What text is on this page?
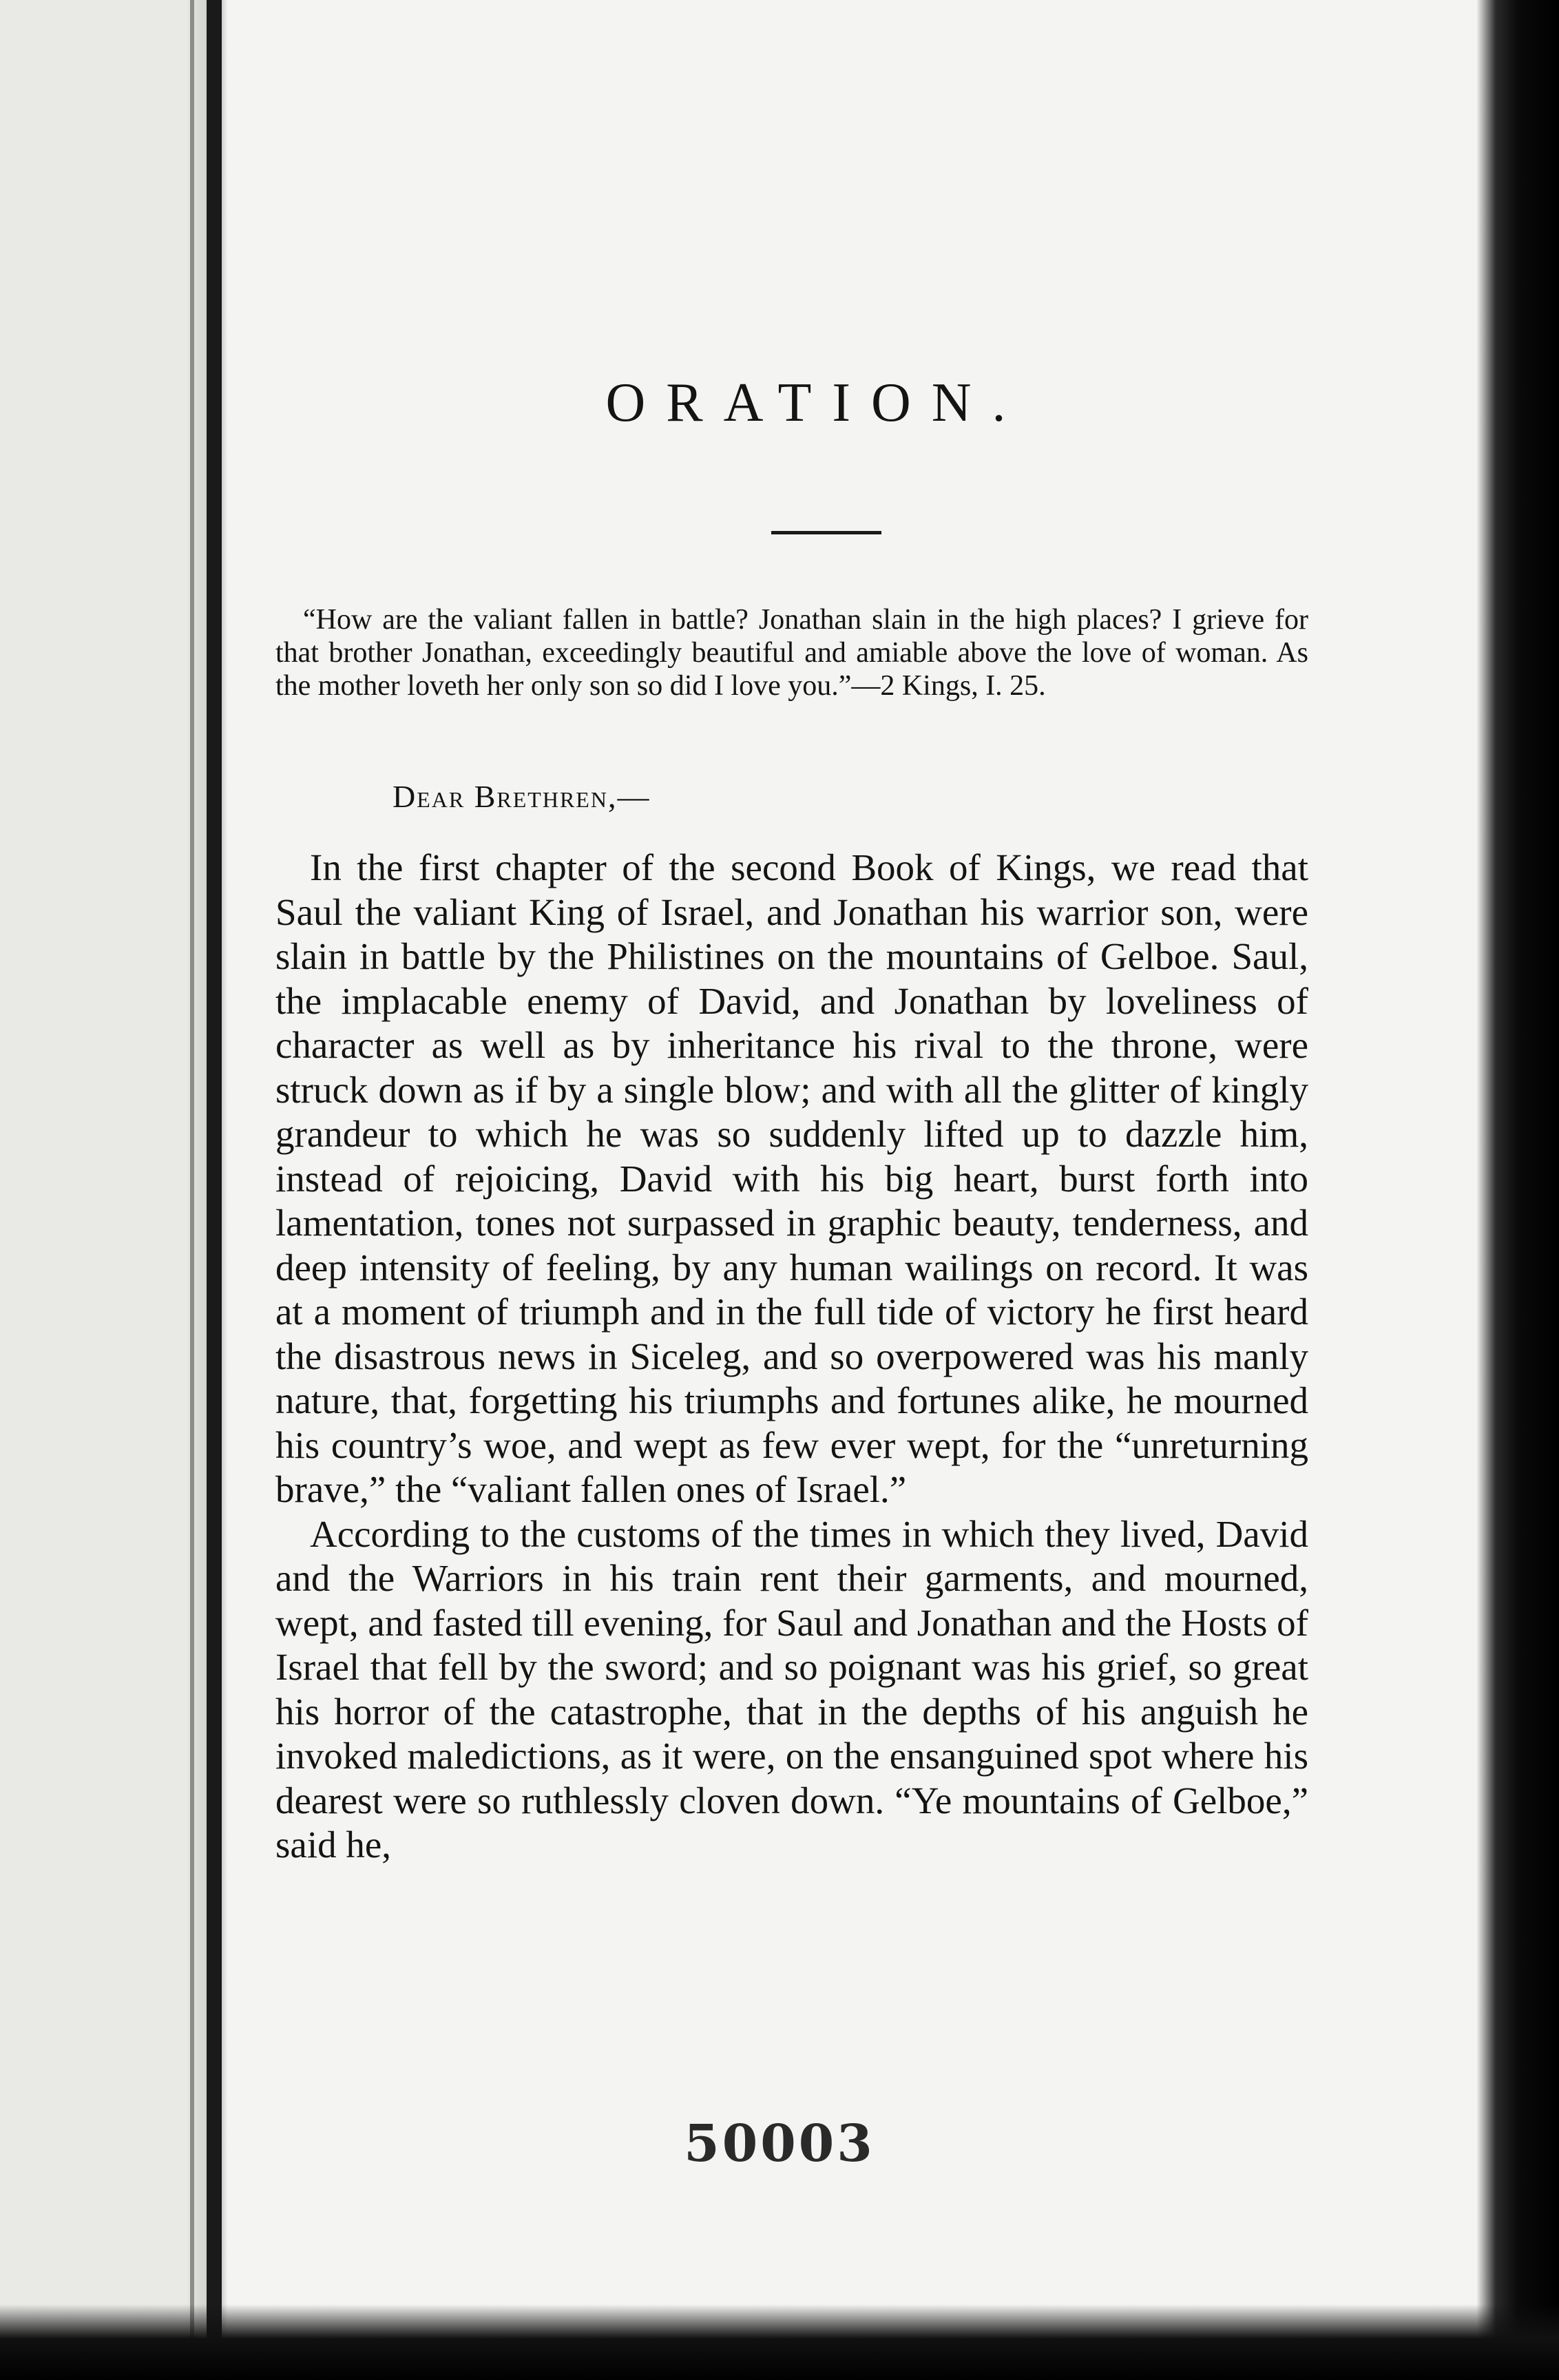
ORATION.

“How are the valiant fallen in battle? Jonathan slain in the high places? I grieve for that brother Jonathan, exceedingly beautiful and amiable above the love of woman. As the mother loveth her only son so did I love you.”—2 Kings, I. 25.

Dear Brethren,—

In the first chapter of the second Book of Kings, we read that Saul the valiant King of Israel, and Jonathan his warrior son, were slain in battle by the Philistines on the mountains of Gelboe. Saul, the implacable enemy of David, and Jonathan by loveliness of character as well as by inheritance his rival to the throne, were struck down as if by a single blow; and with all the glitter of kingly grandeur to which he was so suddenly lifted up to dazzle him, instead of rejoicing, David with his big heart, burst forth into lamentation, tones not surpassed in graphic beauty, tenderness, and deep intensity of feeling, by any human wailings on record. It was at a moment of triumph and in the full tide of victory he first heard the disastrous news in Siceleg, and so overpowered was his manly nature, that, forgetting his triumphs and fortunes alike, he mourned his country’s woe, and wept as few ever wept, for the “unreturning brave,” the “valiant fallen ones of Israel.”

According to the customs of the times in which they lived, David and the Warriors in his train rent their garments, and mourned, wept, and fasted till evening, for Saul and Jonathan and the Hosts of Israel that fell by the sword; and so poignant was his grief, so great his horror of the catastrophe, that in the depths of his anguish he invoked maledictions, as it were, on the ensanguined spot where his dearest were so ruthlessly cloven down. “Ye mountains of Gelboe,” said he,

50003
